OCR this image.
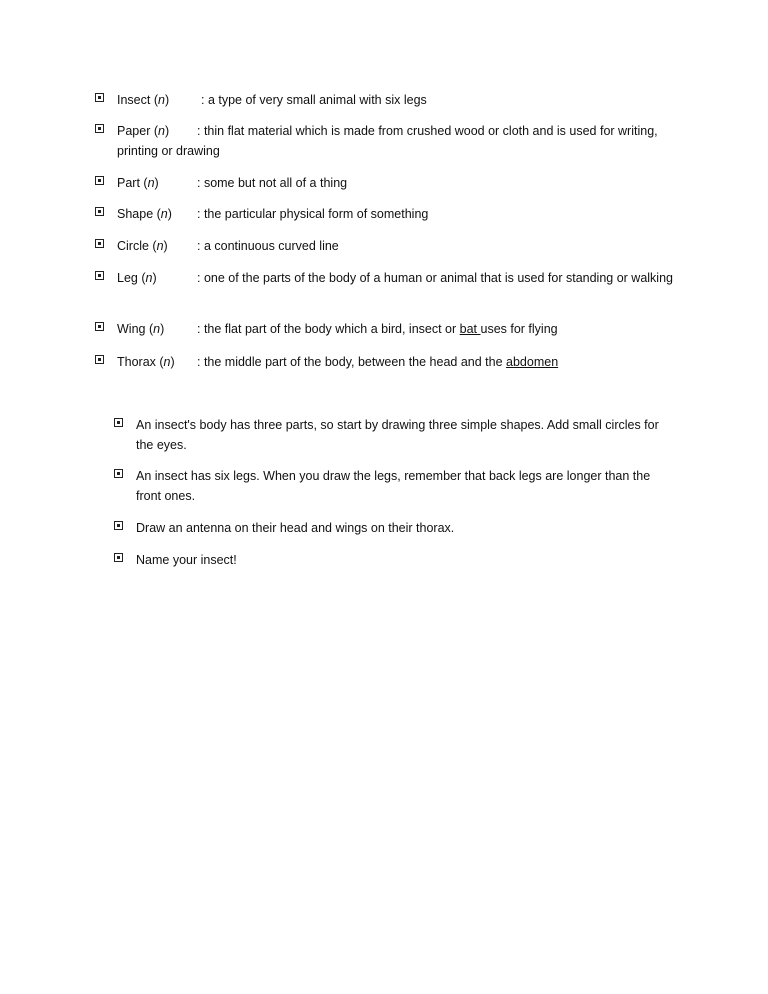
Insect (n)	: a type of very small animal with six legs
Paper (n)	: thin flat material which is made from crushed wood or cloth and is used for writing, printing or drawing
Part (n)	: some but not all of a thing
Shape (n) : the particular physical form of something
Circle (n) : a continuous curved line
Leg (n)	: one of the parts of the body of a human or animal that is used for standing or walking
Wing (n)	: the flat part of the body which a bird, insect or bat uses for flying
Thorax (n) : the middle part of the body, between the head and the abdomen
An insect's body has three parts, so start by drawing three simple shapes. Add small circles for the eyes.
An insect has six legs. When you draw the legs, remember that back legs are longer than the front ones.
Draw an antenna on their head and wings on their thorax.
Name your insect!
